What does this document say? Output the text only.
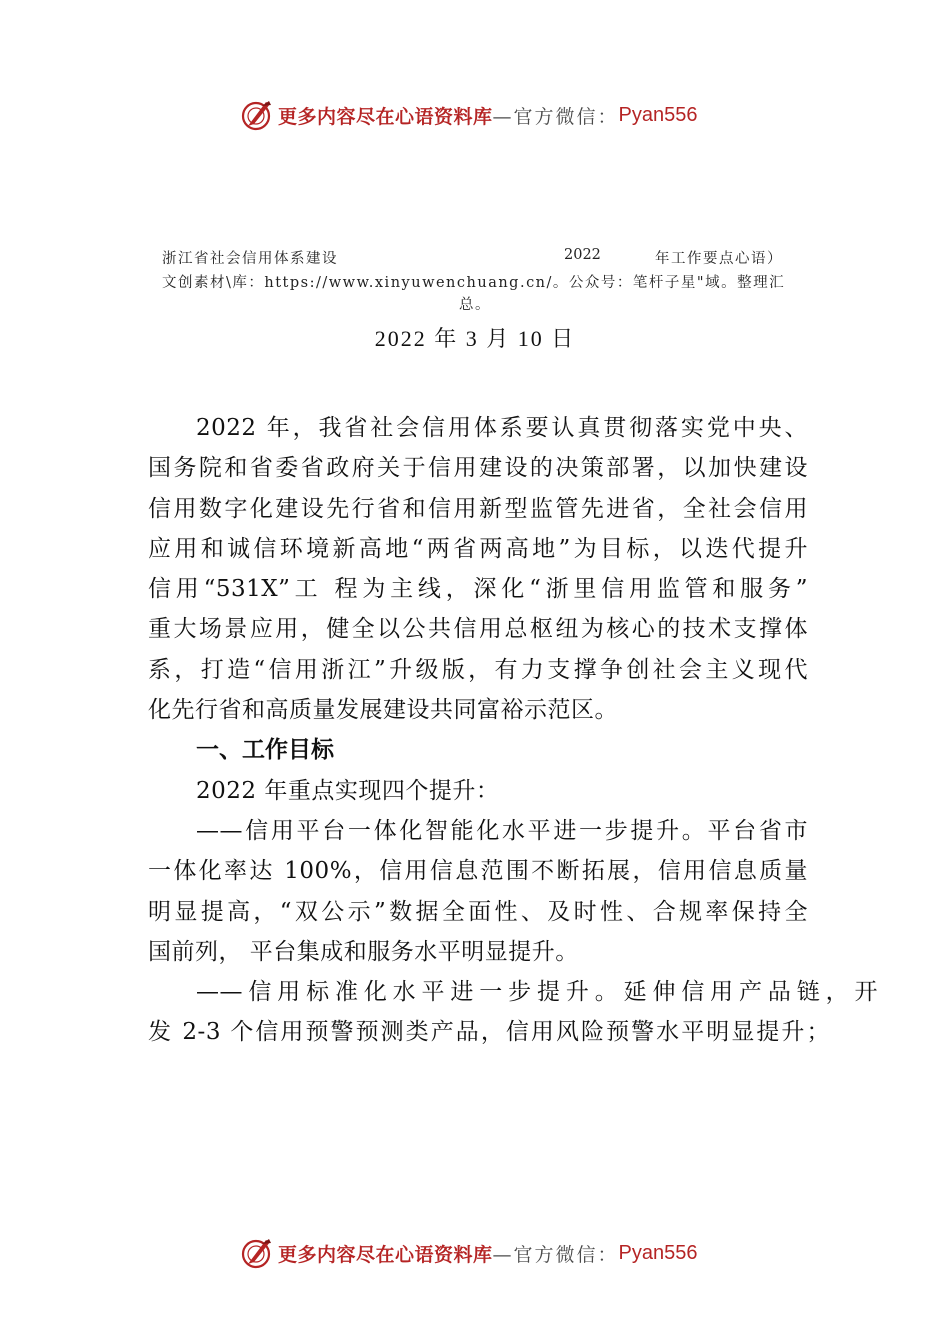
更多内容尽在心语资料库 —官方微信： Pyan556
浙江省社会信用体系建设	2022	年工作要点心语）
文创素材\库：https://www.xinyuwenchuang.cn/。公众号：笔杆子星"域。整理汇
总。
2022 年 3 月 10 日
2022 年，我省社会信用体系要认真贯彻落实党中央、
国务院和省委省政府关于信用建设的决策部署，以加快建设
信用数字化建设先行省和信用新型监管先进省，全社会信用
应用和诚信环境新高地“两省两高地”为目标，以迭代提升
信用“531X”工 程为主线，深化“浙里信用监管和服务”
重大场景应用，健全以公共信用总枢纽为核心的技术支撑体
系，打造“信用浙江”升级版，有力支撑争创社会主义现代
化先行省和高质量发展建设共同富裕示范区。
一、工作目标
2022 年重点实现四个提升：
——信用平台一体化智能化水平进一步提升。平台省市
一体化率达 100%，信用信息范围不断拓展，信用信息质量
明显提高，“双公示”数据全面性、及时性、合规率保持全
国前列， 平台集成和服务水平明显提升。
——信用标准化水平进一步提升。延伸信用产品链，开
发 2-3 个信用预警预测类产品，信用风险预警水平明显提升；
更多内容尽在心语资料库 —官方微信： Pyan556
